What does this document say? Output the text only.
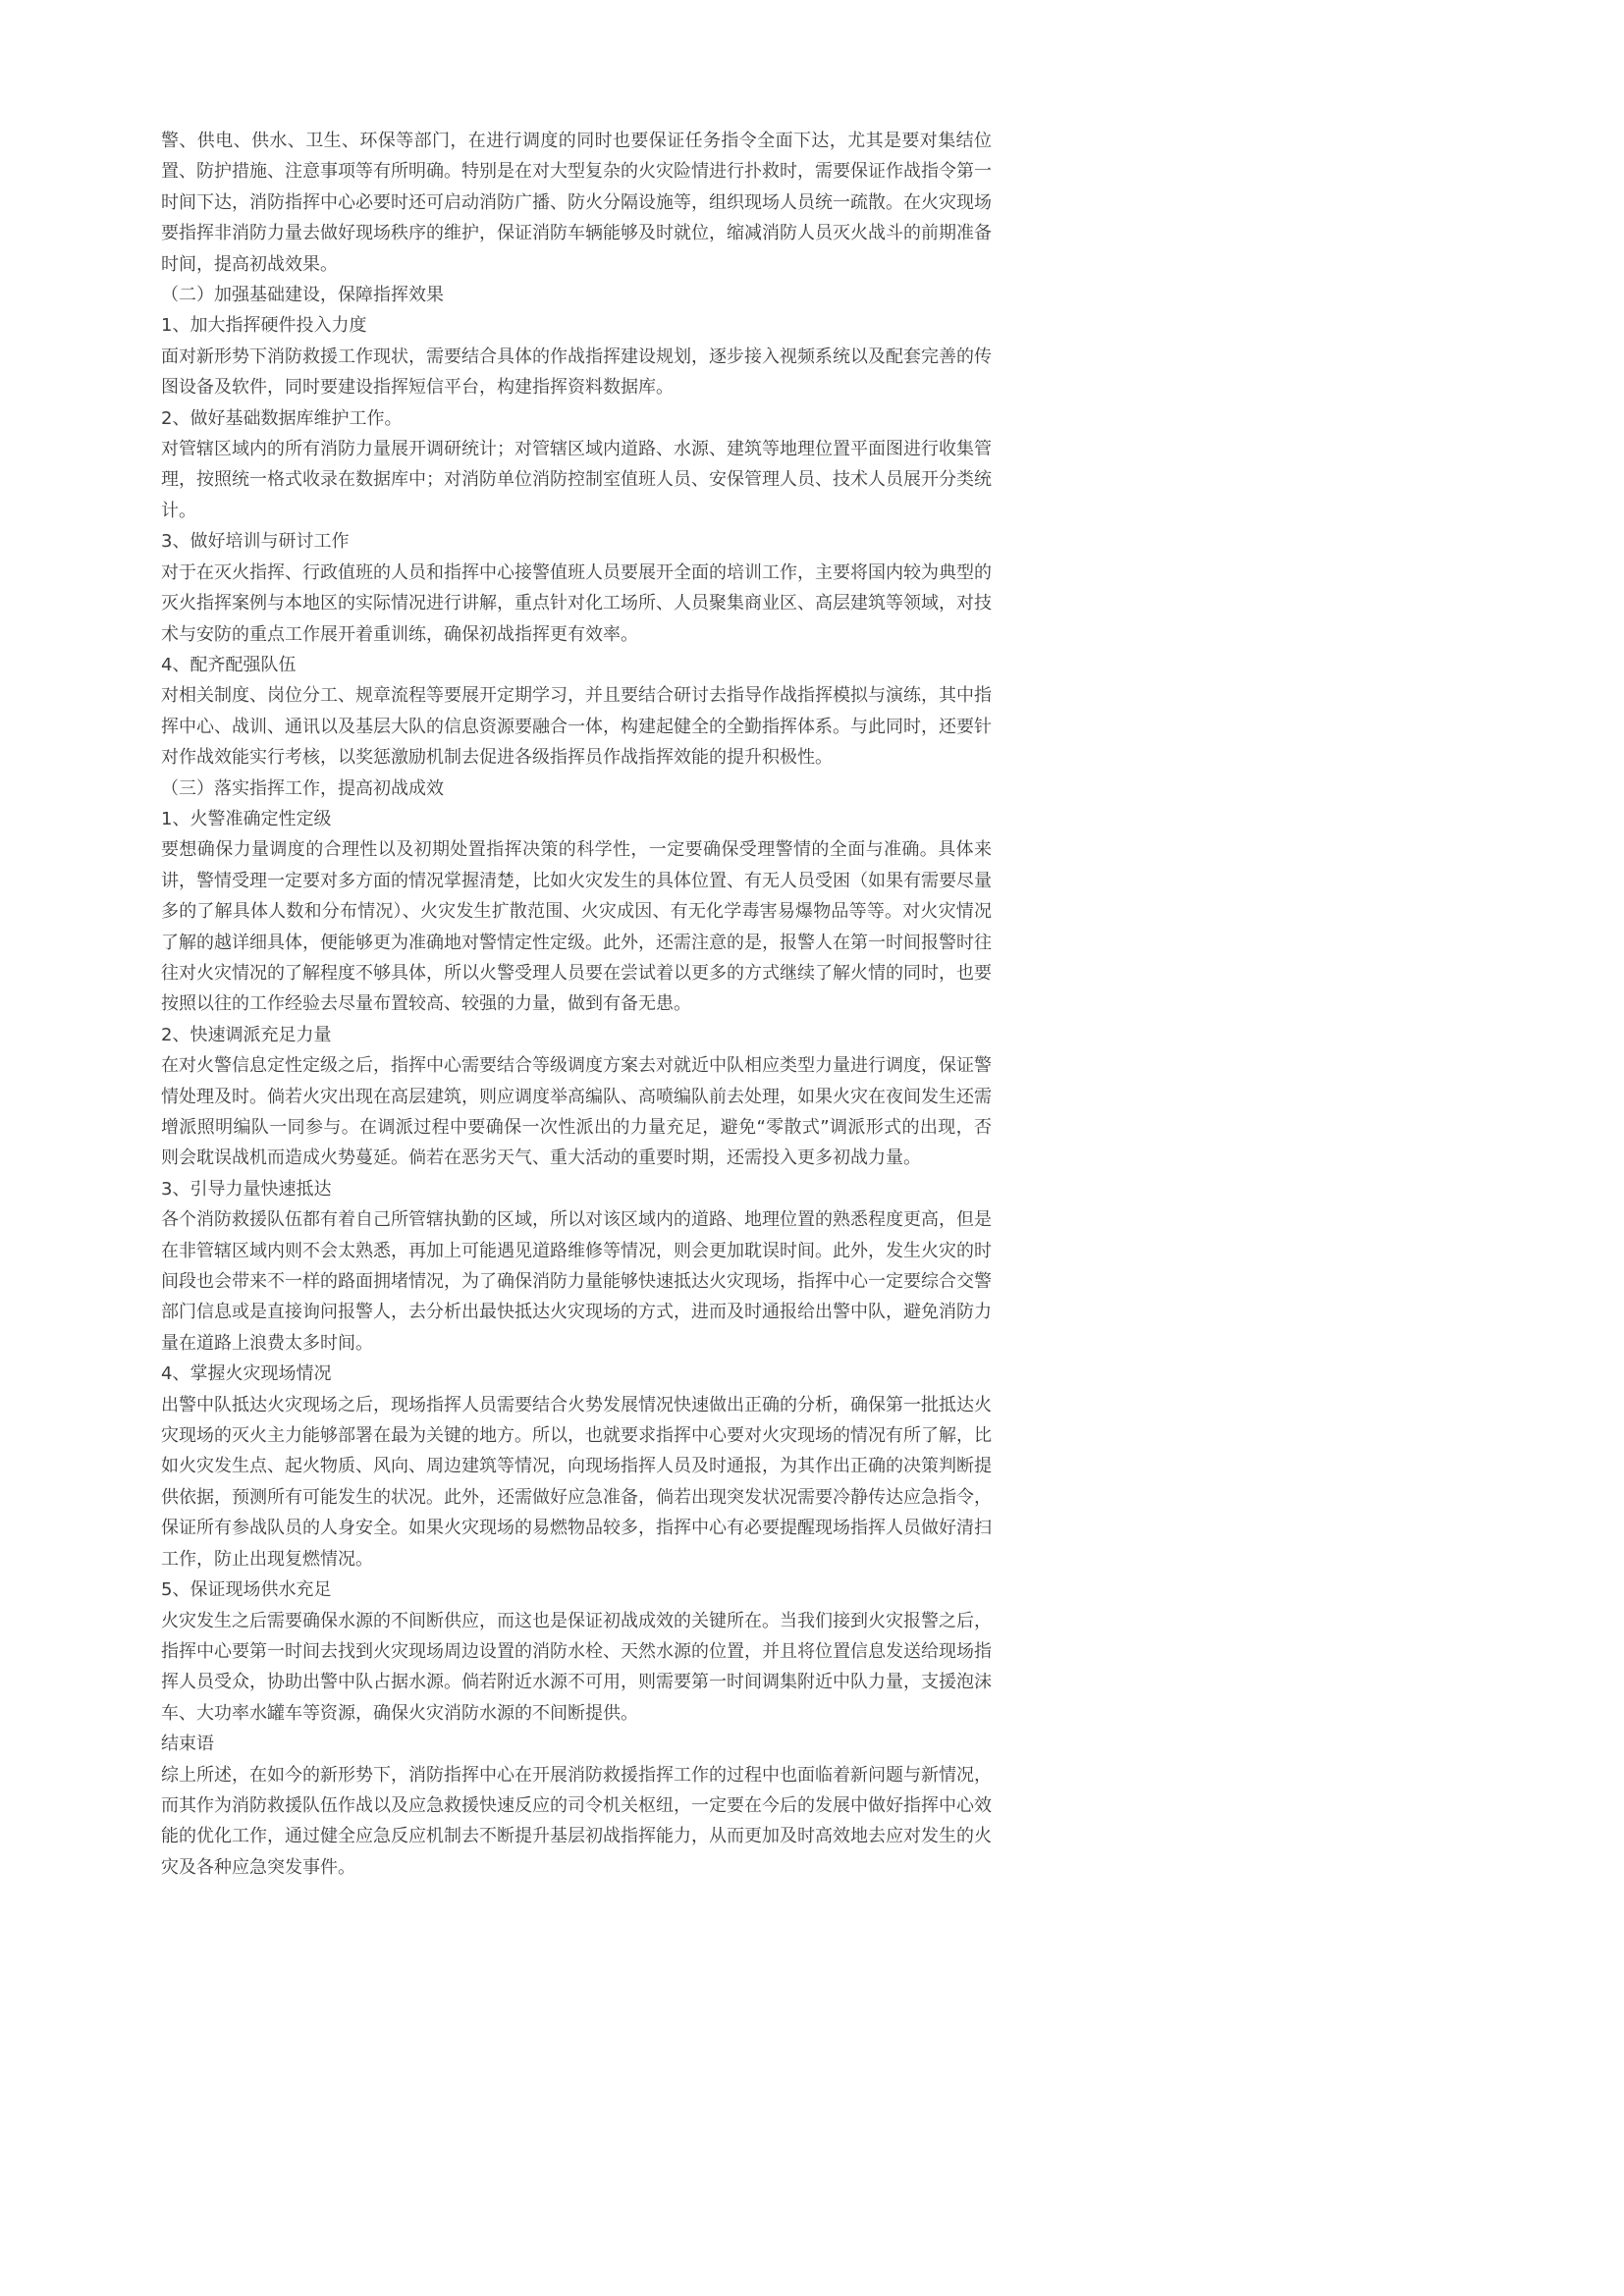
警、供电、供水、卫生、环保等部门，在进行调度的同时也要保证任务指令全面下达，尤其是要对集结位置、防护措施、注意事项等有所明确。特别是在对大型复杂的火灾险情进行扑救时，需要保证作战指令第一时间下达，消防指挥中心必要时还可启动消防广播、防火分隔设施等，组织现场人员统一疏散。在火灾现场要指挥非消防力量去做好现场秩序的维护，保证消防车辆能够及时就位，缩减消防人员灭火战斗的前期准备时间，提高初战效果。

（二）加强基础建设，保障指挥效果

1、加大指挥硬件投入力度

面对新形势下消防救援工作现状，需要结合具体的作战指挥建设规划，逐步接入视频系统以及配套完善的传图设备及软件，同时要建设指挥短信平台，构建指挥资料数据库。

2、做好基础数据库维护工作。

对管辖区域内的所有消防力量展开调研统计；对管辖区域内道路、水源、建筑等地理位置平面图进行收集管理，按照统一格式收录在数据库中；对消防单位消防控制室值班人员、安保管理人员、技术人员展开分类统计。

3、做好培训与研讨工作

对于在灭火指挥、行政值班的人员和指挥中心接警值班人员要展开全面的培训工作，主要将国内较为典型的灭火指挥案例与本地区的实际情况进行讲解，重点针对化工场所、人员聚集商业区、高层建筑等领域，对技术与安防的重点工作展开着重训练，确保初战指挥更有效率。

4、配齐配强队伍

对相关制度、岗位分工、规章流程等要展开定期学习，并且要结合研讨去指导作战指挥模拟与演练，其中指挥中心、战训、通讯以及基层大队的信息资源要融合一体，构建起健全的全勤指挥体系。与此同时，还要针对作战效能实行考核，以奖惩激励机制去促进各级指挥员作战指挥效能的提升积极性。

（三）落实指挥工作，提高初战成效

1、火警准确定性定级

要想确保力量调度的合理性以及初期处置指挥决策的科学性，一定要确保受理警情的全面与准确。具体来讲，警情受理一定要对多方面的情况掌握清楚，比如火灾发生的具体位置、有无人员受困（如果有需要尽量多的了解具体人数和分布情况）、火灾发生扩散范围、火灾成因、有无化学毒害易爆物品等等。对火灾情况了解的越详细具体，便能够更为准确地对警情定性定级。此外，还需注意的是，报警人在第一时间报警时往往对火灾情况的了解程度不够具体，所以火警受理人员要在尝试着以更多的方式继续了解火情的同时，也要按照以往的工作经验去尽量布置较高、较强的力量，做到有备无患。

2、快速调派充足力量

在对火警信息定性定级之后，指挥中心需要结合等级调度方案去对就近中队相应类型力量进行调度，保证警情处理及时。倘若火灾出现在高层建筑，则应调度举高编队、高喷编队前去处理，如果火灾在夜间发生还需增派照明编队一同参与。在调派过程中要确保一次性派出的力量充足，避免“零散式”调派形式的出现，否则会耽误战机而造成火势蔓延。倘若在恶劣天气、重大活动的重要时期，还需投入更多初战力量。

3、引导力量快速抵达

各个消防救援队伍都有着自己所管辖执勤的区域，所以对该区域内的道路、地理位置的熟悉程度更高，但是在非管辖区域内则不会太熟悉，再加上可能遇见道路维修等情况，则会更加耽误时间。此外，发生火灾的时间段也会带来不一样的路面拥堵情况，为了确保消防力量能够快速抵达火灾现场，指挥中心一定要综合交警部门信息或是直接询问报警人，去分析出最快抵达火灾现场的方式，进而及时通报给出警中队，避免消防力量在道路上浪费太多时间。

4、掌握火灾现场情况

出警中队抵达火灾现场之后，现场指挥人员需要结合火势发展情况快速做出正确的分析，确保第一批抵达火灾现场的灭火主力能够部署在最为关键的地方。所以，也就要求指挥中心要对火灾现场的情况有所了解，比如火灾发生点、起火物质、风向、周边建筑等情况，向现场指挥人员及时通报，为其作出正确的决策判断提供依据，预测所有可能发生的状况。此外，还需做好应急准备，倘若出现突发状况需要冷静传达应急指令，保证所有参战队员的人身安全。如果火灾现场的易燃物品较多，指挥中心有必要提醒现场指挥人员做好清扫工作，防止出现复燃情况。

5、保证现场供水充足

火灾发生之后需要确保水源的不间断供应，而这也是保证初战成效的关键所在。当我们接到火灾报警之后，指挥中心要第一时间去找到火灾现场周边设置的消防水栓、天然水源的位置，并且将位置信息发送给现场指挥人员受众，协助出警中队占据水源。倘若附近水源不可用，则需要第一时间调集附近中队力量，支援泡沫车、大功率水罐车等资源，确保火灾消防水源的不间断提供。

结束语

综上所述，在如今的新形势下，消防指挥中心在开展消防救援指挥工作的过程中也面临着新问题与新情况，而其作为消防救援队伍作战以及应急救援快速反应的司令机关枢纽，一定要在今后的发展中做好指挥中心效能的优化工作，通过健全应急反应机制去不断提升基层初战指挥能力，从而更加及时高效地去应对发生的火灾及各种应急突发事件。
